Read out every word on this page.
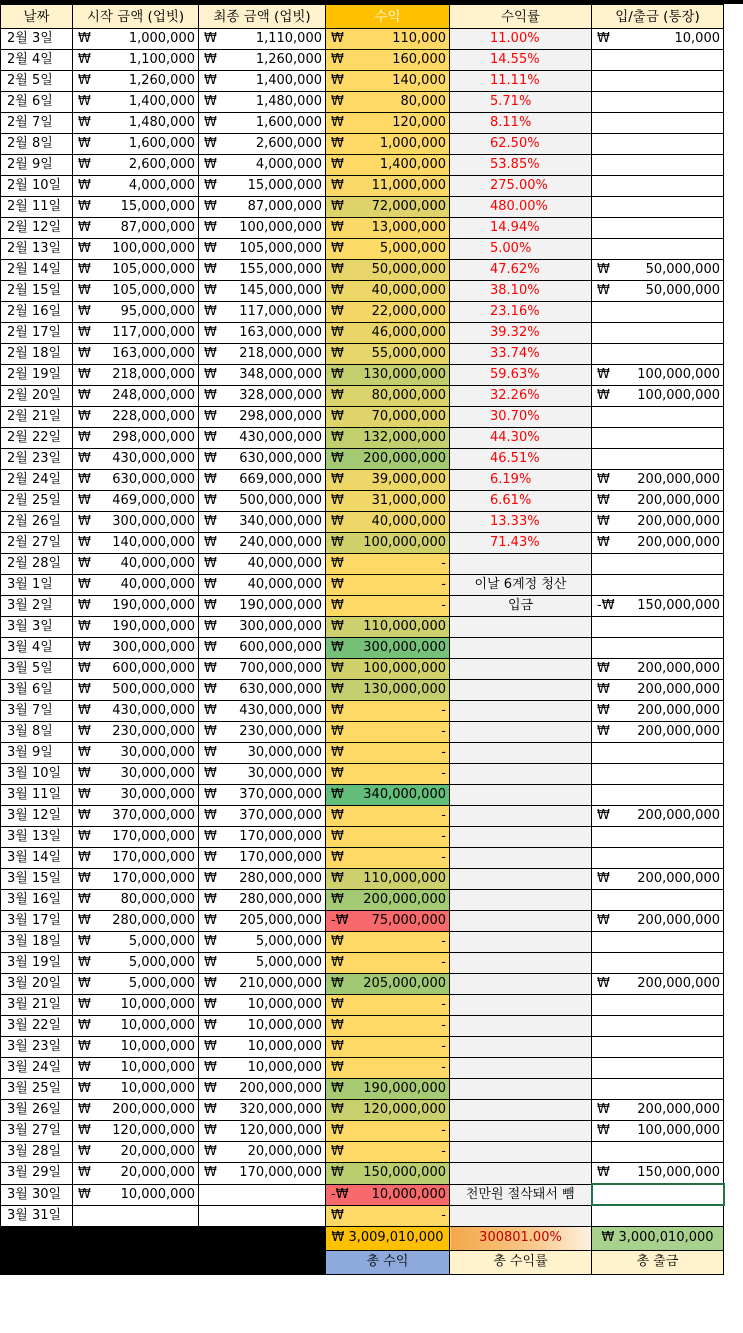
날짜	시작 금액 (업빗)	최종 금액 (업빗)	수익	수익률	입/출금 (통장)
2월 3일	₩ 1,000,000	₩ 1,110,000	₩ 110,000	11.00%	₩ 10,000

2월 4일	₩ 1,100,000	₩ 1,260,000	₩ 160,000	14.55%	

2월 5일	₩ 1,260,000	₩ 1,400,000	₩ 140,000	11.11%	

2월 6일	₩ 1,400,000	₩ 1,480,000	₩ 80,000	5.71%	

2월 7일	₩ 1,480,000	₩ 1,600,000	₩ 120,000	8.11%	

2월 8일	₩ 1,600,000	₩ 2,600,000	₩ 1,000,000	62.50%	

2월 9일	₩ 2,600,000	₩ 4,000,000	₩ 1,400,000	53.85%	

2월 10일	₩ 4,000,000	₩ 15,000,000	₩ 11,000,000	275.00%	

2월 11일	₩ 15,000,000	₩ 87,000,000	₩ 72,000,000	480.00%	

2월 12일	₩ 87,000,000	₩ 100,000,000	₩ 13,000,000	14.94%	

2월 13일	₩ 100,000,000	₩ 105,000,000	₩ 5,000,000	5.00%	

2월 14일	₩ 105,000,000	₩ 155,000,000	₩ 50,000,000	47.62%	₩ 50,000,000

2월 15일	₩ 105,000,000	₩ 145,000,000	₩ 40,000,000	38.10%	₩ 50,000,000

2월 16일	₩ 95,000,000	₩ 117,000,000	₩ 22,000,000	23.16%	

2월 17일	₩ 117,000,000	₩ 163,000,000	₩ 46,000,000	39.32%	

2월 18일	₩ 163,000,000	₩ 218,000,000	₩ 55,000,000	33.74%	

2월 19일	₩ 218,000,000	₩ 348,000,000	₩ 130,000,000	59.63%	₩ 100,000,000

2월 20일	₩ 248,000,000	₩ 328,000,000	₩ 80,000,000	32.26%	₩ 100,000,000

2월 21일	₩ 228,000,000	₩ 298,000,000	₩ 70,000,000	30.70%	

2월 22일	₩ 298,000,000	₩ 430,000,000	₩ 132,000,000	44.30%	

2월 23일	₩ 430,000,000	₩ 630,000,000	₩ 200,000,000	46.51%	

2월 24일	₩ 630,000,000	₩ 669,000,000	₩ 39,000,000	6.19%	₩ 200,000,000

2월 25일	₩ 469,000,000	₩ 500,000,000	₩ 31,000,000	6.61%	₩ 200,000,000

2월 26일	₩ 300,000,000	₩ 340,000,000	₩ 40,000,000	13.33%	₩ 200,000,000

2월 27일	₩ 140,000,000	₩ 240,000,000	₩ 100,000,000	71.43%	₩ 200,000,000

2월 28일	₩ 40,000,000	₩ 40,000,000	₩ -		

3월 1일	₩ 40,000,000	₩ 40,000,000	₩ -	이날 6계정 청산	

3월 2일	₩ 190,000,000	₩ 190,000,000	₩ -	입금	-₩ 150,000,000

3월 3일	₩ 190,000,000	₩ 300,000,000	₩ 110,000,000		

3월 4일	₩ 300,000,000	₩ 600,000,000	₩ 300,000,000		

3월 5일	₩ 600,000,000	₩ 700,000,000	₩ 100,000,000		₩ 200,000,000

3월 6일	₩ 500,000,000	₩ 630,000,000	₩ 130,000,000		₩ 200,000,000

3월 7일	₩ 430,000,000	₩ 430,000,000	₩ -		₩ 200,000,000

3월 8일	₩ 230,000,000	₩ 230,000,000	₩ -		₩ 200,000,000

3월 9일	₩ 30,000,000	₩ 30,000,000	₩ -		

3월 10일	₩ 30,000,000	₩ 30,000,000	₩ -		

3월 11일	₩ 30,000,000	₩ 370,000,000	₩ 340,000,000		

3월 12일	₩ 370,000,000	₩ 370,000,000	₩ -		₩ 200,000,000

3월 13일	₩ 170,000,000	₩ 170,000,000	₩ -		

3월 14일	₩ 170,000,000	₩ 170,000,000	₩ -		

3월 15일	₩ 170,000,000	₩ 280,000,000	₩ 110,000,000		₩ 200,000,000

3월 16일	₩ 80,000,000	₩ 280,000,000	₩ 200,000,000		

3월 17일	₩ 280,000,000	₩ 205,000,000	-₩ 75,000,000		₩ 200,000,000

3월 18일	₩ 5,000,000	₩ 5,000,000	₩ -		

3월 19일	₩ 5,000,000	₩ 5,000,000	₩ -		

3월 20일	₩ 5,000,000	₩ 210,000,000	₩ 205,000,000		₩ 200,000,000

3월 21일	₩ 10,000,000	₩ 10,000,000	₩ -		

3월 22일	₩ 10,000,000	₩ 10,000,000	₩ -		

3월 23일	₩ 10,000,000	₩ 10,000,000	₩ -		

3월 24일	₩ 10,000,000	₩ 10,000,000	₩ -		

3월 25일	₩ 10,000,000	₩ 200,000,000	₩ 190,000,000		

3월 26일	₩ 200,000,000	₩ 320,000,000	₩ 120,000,000		₩ 200,000,000

3월 27일	₩ 120,000,000	₩ 120,000,000	₩ -		₩ 100,000,000

3월 28일	₩ 20,000,000	₩ 20,000,000	₩ -		

3월 29일	₩ 20,000,000	₩ 170,000,000	₩ 150,000,000		₩ 150,000,000

3월 30일	₩ 10,000,000		-₩ 10,000,000	천만원 절삭돼서 뺌	

3월 31일			₩ -		

			₩ 3,009,010,000	300801.00%	₩ 3,000,010,000
			총 수익	총 수익률	총 출금
